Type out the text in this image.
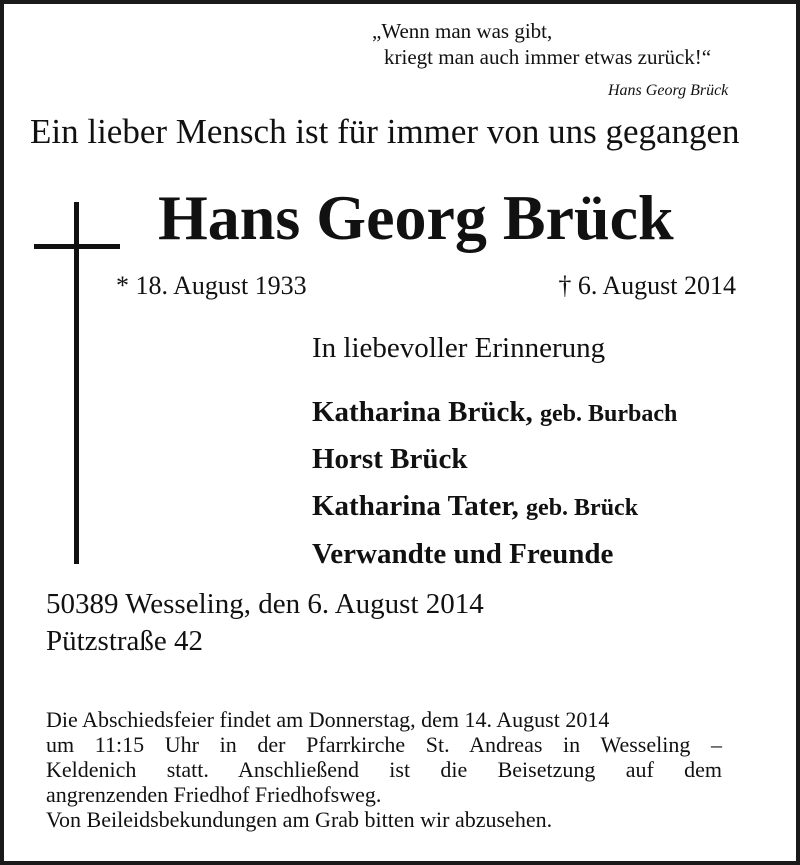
„Wenn man was gibt,
kriegt man auch immer etwas zurück!“
Hans Georg Brück
Ein lieber Mensch ist für immer von uns gegangen
Hans Georg Brück
* 18. August 1933	† 6. August 2014
In liebevoller Erinnerung
Katharina Brück, geb. Burbach
Horst Brück
Katharina Tater, geb. Brück
Verwandte und Freunde
50389 Wesseling, den 6. August 2014
Pützstraße 42
Die Abschiedsfeier findet am Donnerstag, dem 14. August 2014
um 11:15 Uhr in der Pfarrkirche St. Andreas in Wesseling –
Keldenich statt. Anschließend ist die Beisetzung auf dem
angrenzenden Friedhof Friedhofsweg.
Von Beileidsbekundungen am Grab bitten wir abzusehen.
